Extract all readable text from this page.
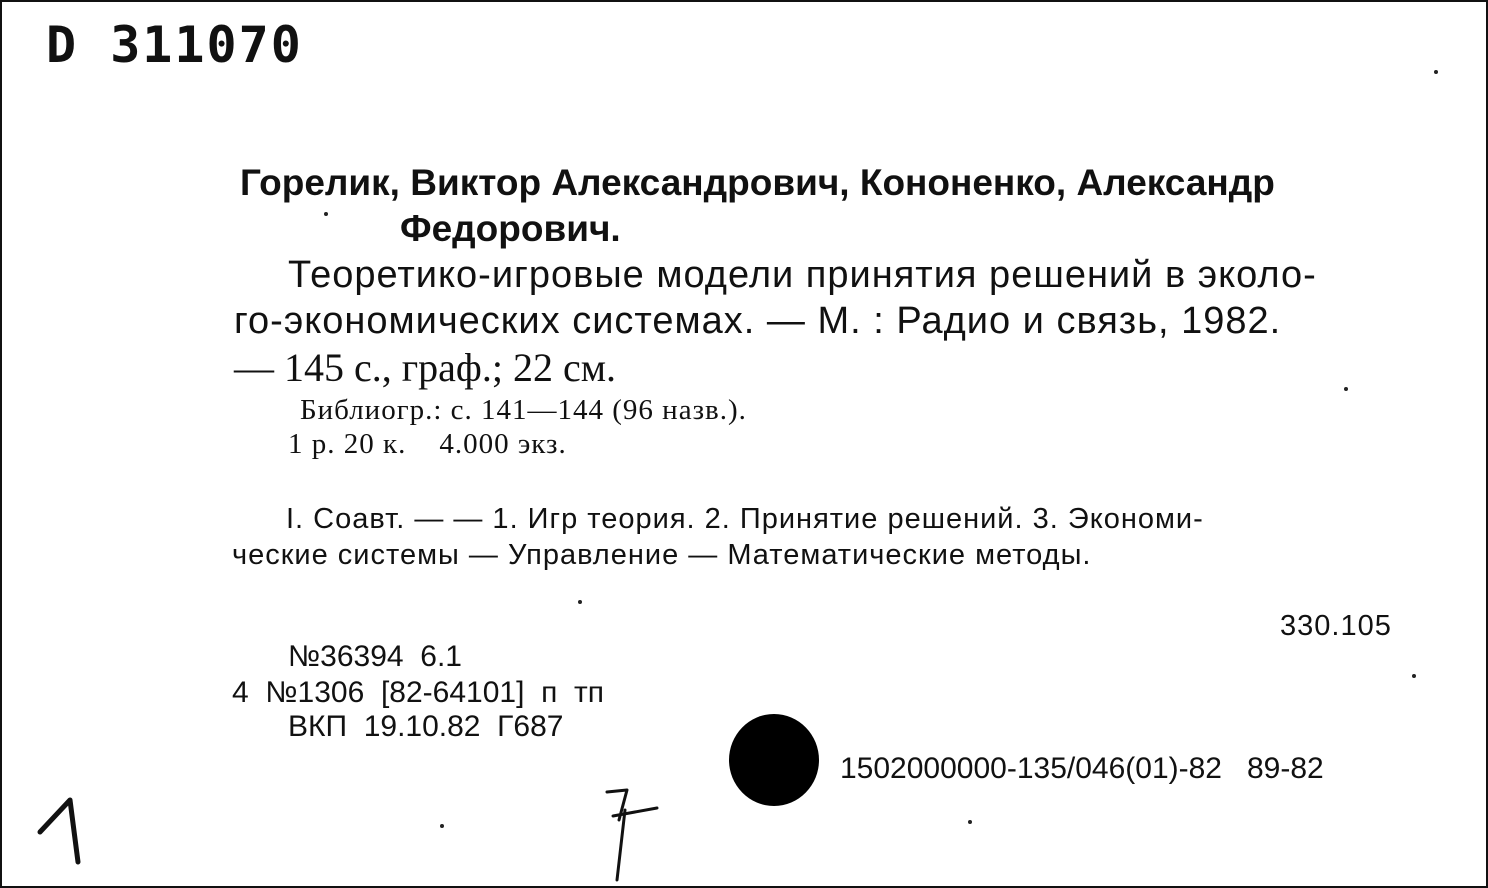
D 311070
Горелик, Виктор Александрович, Кононенко, Александр
Федорович.
Теоретико-игровые модели принятия решений в эколо-
го-экономических системах. — М. : Радио и связь, 1982.
— 145 с., граф.; 22 см.
Библиогр.: с. 141—144 (96 назв.).
1 р. 20 к.    4.000 экз.
I. Соавт. — — 1. Игр теория. 2. Принятие решений. 3. Экономи-
ческие системы — Управление — Математические методы.
330.105
№36394  6.1
4  №1306  [82-64101]  п  тп
ВКП  19.10.82  Г687
1502000000-135/046(01)-82   89-82
